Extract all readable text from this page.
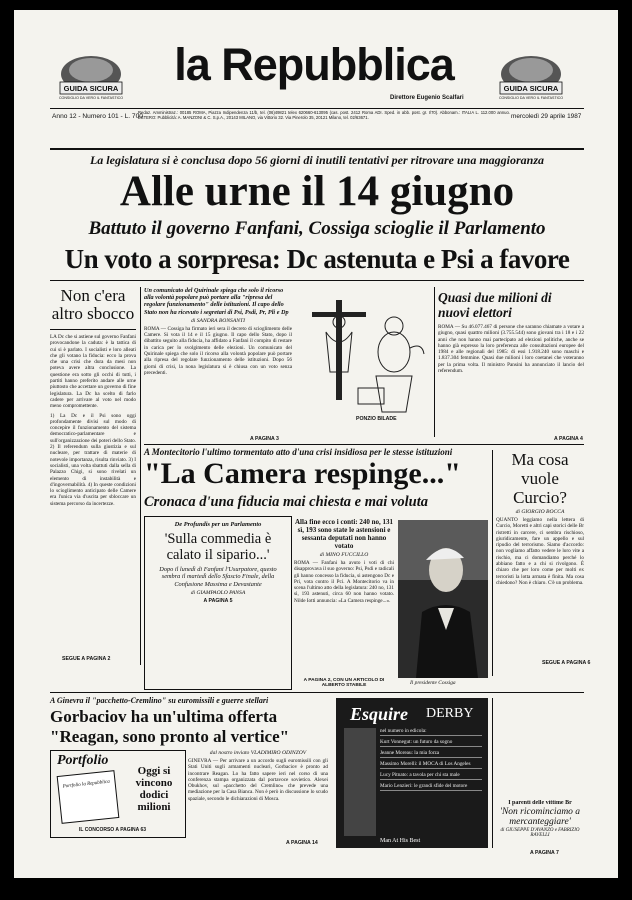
GUIDA SICURA
CONSIGLIO DA VERO IL FANTASTICO
GUIDA SICURA
CONSIGLIO DA VERO IL FANTASTICO
la Repubblica
Direttore Eugenio Scalfari
Anno 12 - Numero 101 - L. 700
Redaz. Amministraz.: 00185 ROMA, Piazza Indipendenza 11/b, tel. (06)49821 telex 620660-613095 (cas. post. 2412 Roma ADI. Sped. in abb. post. gr. I/70). Abbonam.: ITALIA L. 112.000 annuo. ESTERO: Pubblicità: A. MANZONI & C. S.p.A., 20143 MILANO, via Vittorio 32. Via Pinerolo 35, 20121 Milano, tel. 02/63671.	mercoledì 29 aprile 1987
La legislatura si è conclusa dopo 56 giorni di inutili tentativi per ritrovare una maggioranza
Alle urne il 14 giugno
Battuto il governo Fanfani, Cossiga scioglie il Parlamento
Un voto a sorpresa: Dc astenuta e Psi a favore
Non c'era altro sbocco

LA Dc che si astiene sul governo Fanfani provocandone la caduta: è la tattica di cui si è parlato. I socialisti e loro alleati che gli votano la fiducia: ecco la prova che una crisi che dura da mesi non poteva avere altra conclusione. La questione era sotto gli occhi di tutti, i partiti hanno preferito andare alle urne piuttosto che accettare un governo di fine legislatura. La Dc ha scelto di farlo cadere per arrivare al voto nel modo meno compromettente.

1) La Dc e il Psi sono oggi profondamente divisi sul modo di concepire il funzionamento del sistema democratico-parlamentare e sull'organizzazione dei poteri dello Stato. 2) Il referendum sulla giustizia e sul nucleare, per trattare di materie di notevole importanza, risulta rinviato. 3) I socialisti, una volta sbattuti dalla sella di Palazzo Chigi, si sono rivelati un elemento di instabilità e d'ingovernabilità. 4) In queste condizioni lo scioglimento anticipato delle Camere era l'unica via d'uscita per sbloccare un sistema percorso da incertezze.

SEGUE A PAGINA 2

Un comunicato del Quirinale spiega che solo il ricorso alla volontà popolare può portare alla "ripresa del regolare funzionamento" delle istituzioni. Il capo dello Stato non ha ricevuto i segretari di Psi, Psdi, Pr, Pli e Dp

di SANDRA BONSANTI

ROMA — Cossiga ha firmato ieri sera il decreto di scioglimento delle Camere. Si vota il 14 e il 15 giugno. Il capo dello Stato, dopo il dibattito seguito alla fiducia, ha affidato a Fanfani il compito di restare in carica per lo svolgimento delle elezioni. Un comunicato del Quirinale spiega che solo il ricorso alla volontà popolare può portare alla ripresa del regolare funzionamento delle istituzioni. Dopo 56 giorni di crisi, la nona legislatura si è chiusa con un voto senza precedenti.

A PAGINA 3
PONZIO BILADE
Quasi due milioni di nuovi elettori

ROMA — Su 46.077.467 di persone che saranno chiamate a votare a giugno, quasi quattro milioni (3.755.544) sono giovani tra i 18 e i 22 anni che non hanno mai partecipato ad elezioni politiche, anche se hanno già espresso la loro preferenza alle consultazioni europee del 1984 e alle regionali del 1985: di essi 1.918.240 sono maschi e 1.837.304 femmine. Quasi due milioni i loro coetanei che voteranno per la prima volta. Il ministro Pansini ha annunciato il lancio del referendum.

A PAGINA 4
A Montecitorio l'ultimo tormentato atto d'una crisi insidiosa per le stesse istituzioni
"La Camera respinge..."
Cronaca d'una fiducia mai chiesta e mai voluta
De Profundis per un Parlamento
'Sulla commedia è calato il sipario...'
Dopo il lunedì di Fanfani l'Usurpatore, questo sembra il martedì dello Sfascio Finale, della Confusione Massima e Devastante
di GIAMPAOLO PANSA
A PAGINA 5
Alla fine ecco i conti: 240 no, 131 sì, 193 sono state le astensioni e sessanta deputati non hanno votato
di MINO FUCCILLO

ROMA — Fanfani ha avuto i voti di chi disapprovava il suo governo: Psi, Psdi e radicali gli hanno concesso la fiducia, si astengono Dc e Pri, vota contro il Pci. A Montecitorio va in scena l'ultimo atto della legislatura: 240 no, 131 sì, 193 astenuti, circa 60 non hanno votato. Nilde Iotti annuncia: «La Camera respinge...».

A PAGINA 2, CON UN ARTICOLO DI ALBERTO STABILE	Il presidente Cossiga
Ma cosa vuole Curcio?
di GIORGIO BOCCA

QUANTO leggiamo nella lettera di Curcio, Moretti e altri capi storici delle Br ristretti in carcere, ci sembra rischioso, giuridicamente, fare un appello e sul ripudio del terrorismo. Siamo d'accordo: non vogliamo affatto vedere le loro vite a rischio, ma ci domandiamo perché lo abbiano fatto e a chi si rivolgono. È chiaro che per loro come per molti ex terroristi la lotta armata è finita. Ma cosa chiedono? Non è chiaro. C'è un problema.

SEGUE A PAGINA 6
A Ginevra il "pacchetto-Cremlino" su euromissili e guerre stellari
Gorbaciov ha un'ultima offerta
"Reagan, sono pronto al vertice"
Portfolio
Portfolio la Repubblica
Oggi si vincono dodici milioni
IL CONCORSO A PAGINA 63
dal nostro inviato VLADIMIRO ODINZOV

GINEVRA — Per arrivare a un accordo sugli euromissili con gli Stati Uniti sugli armamenti nucleari, Gorbaciov è pronto ad incontrare Reagan. Lo ha fatto sapere ieri nel corso di una conferenza stampa organizzata dal portavoce sovietico. Alexei Obukhov, sul «pacchetto del Cremlino» che prevede una mediazione per la Casa Bianca. Non è però in discussione lo scudo spaziale, secondo le dichiarazioni di Mosca.

A PAGINA 14
Esquire DERBY
nel numero in edicola:
Kurt Vonnegut: un futuro da sogno
Jeanne Moreau: la mia forza
Massimo Morelli: il MOCA di Los Angeles
Lucy Pitnato: a tavola per chi sta male
Mario Lenzieri: le grandi sfide del motore
Man At His Best
I parenti delle vittime Br
'Non ricominciamo a mercanteggiare'
di GIUSEPPE D'AVANZO e FABRIZIO RAVELLI
A PAGINA 7
